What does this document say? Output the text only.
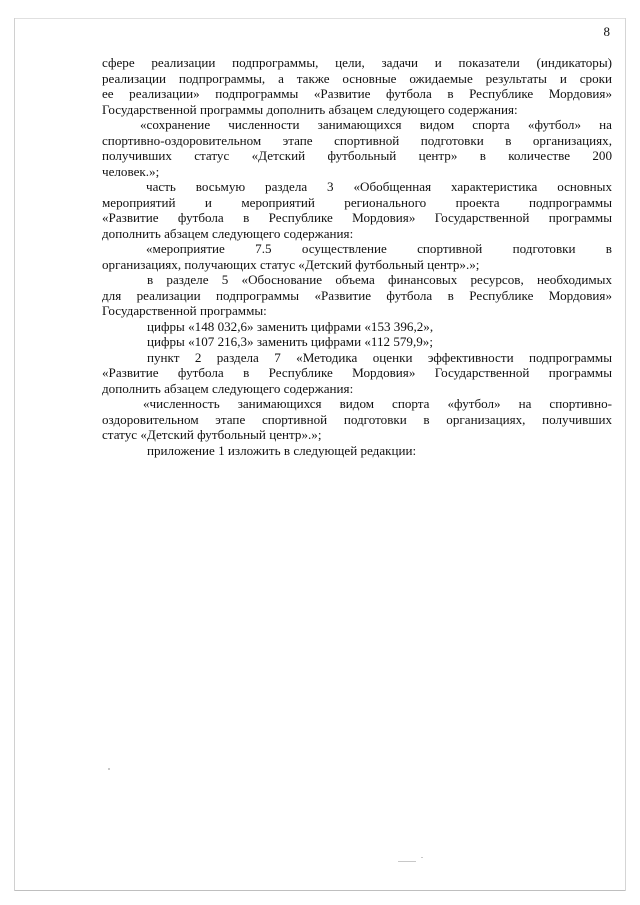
8
сфере реализации подпрограммы, цели, задачи и показатели (индикаторы)
реализации подпрограммы, а также основные ожидаемые результаты и сроки
ее реализации» подпрограммы «Развитие футбола в Республике Мордовия»
Государственной программы дополнить абзацем следующего содержания:
«сохранение численности занимающихся видом спорта «футбол» на
спортивно-оздоровительном этапе спортивной подготовки в организациях,
получивших статус «Детский футбольный центр» в количестве 200
человек.»;
часть восьмую раздела 3 «Обобщенная характеристика основных
мероприятий и мероприятий регионального проекта подпрограммы
«Развитие футбола в Республике Мордовия» Государственной программы
дополнить абзацем следующего содержания:
«мероприятие 7.5 осуществление спортивной подготовки в
организациях, получающих статус «Детский футбольный центр».»;
в разделе 5 «Обоснование объема финансовых ресурсов, необходимых
для реализации подпрограммы «Развитие футбола в Республике Мордовия»
Государственной программы:
цифры «148 032,6» заменить цифрами «153 396,2»,
цифры «107 216,3» заменить цифрами «112 579,9»;
пункт 2 раздела 7 «Методика оценки эффективности подпрограммы
«Развитие футбола в Республике Мордовия» Государственной программы
дополнить абзацем следующего содержания:
«численность занимающихся видом спорта «футбол» на спортивно-
оздоровительном этапе спортивной подготовки в организациях, получивших
статус «Детский футбольный центр».»;
приложение 1 изложить в следующей редакции:
